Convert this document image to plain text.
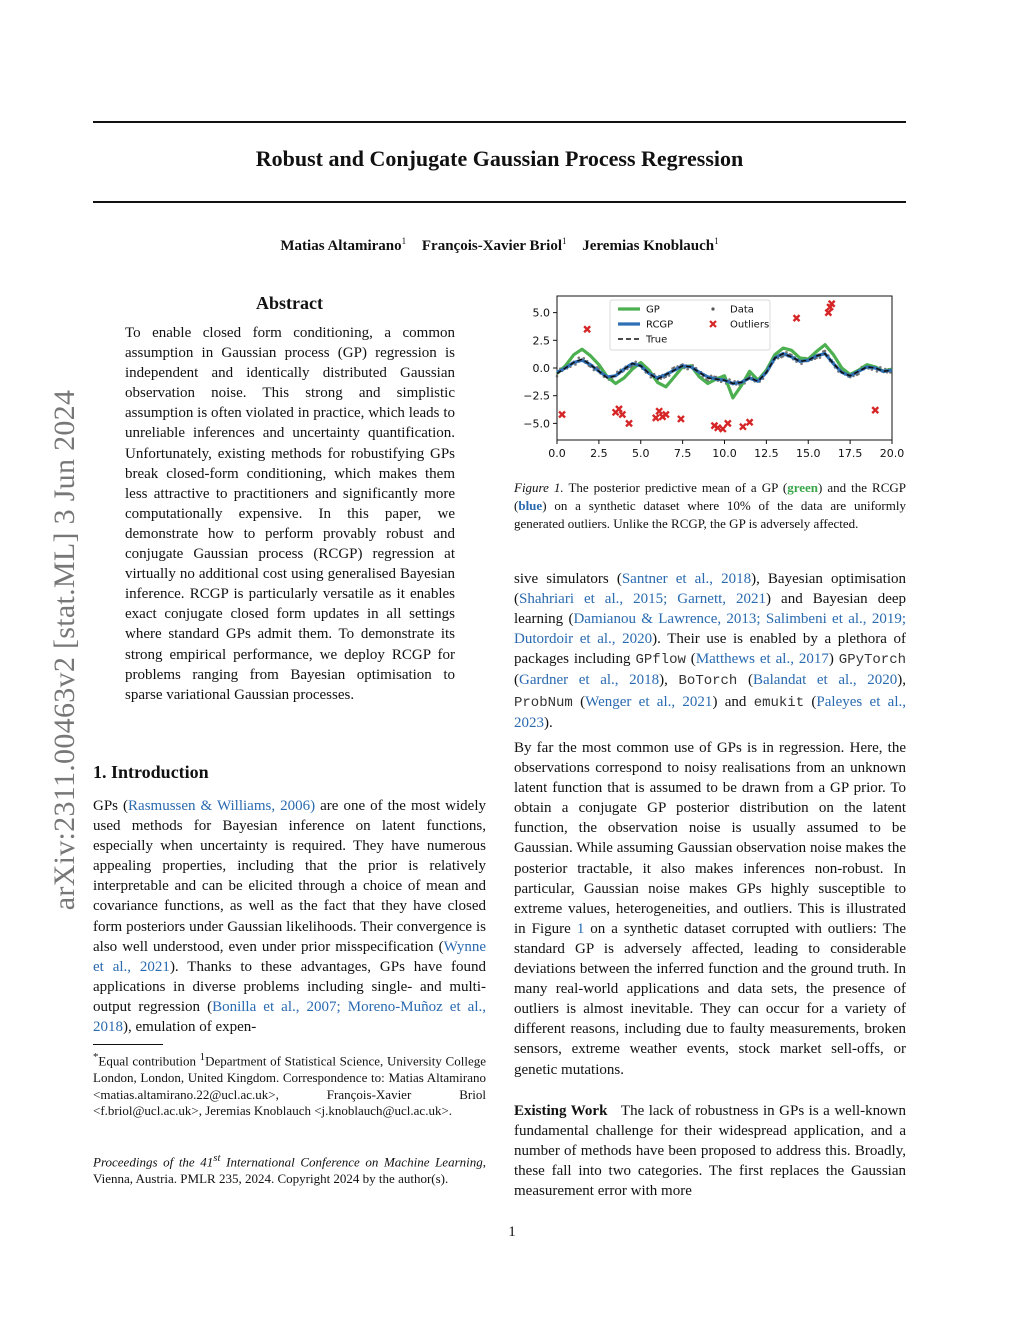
Robust and Conjugate Gaussian Process Regression
Matias Altamirano$^1$ François-Xavier Briol$^1$ Jeremias Knoblauch$^1$
arXiv:2311.00463v2 [stat.ML] 3 Jun 2024
Abstract
To enable closed form conditioning, a common assumption in Gaussian process (GP) regression is independent and identically distributed Gaussian observation noise. This strong and simplistic assumption is often violated in practice, which leads to unreliable inferences and uncertainty quantification. Unfortunately, existing methods for robustifying GPs break closed-form conditioning, which makes them less attractive to practitioners and significantly more computationally expensive. In this paper, we demonstrate how to perform provably robust and conjugate Gaussian process (RCGP) regression at virtually no additional cost using generalised Bayesian inference. RCGP is particularly versatile as it enables exact conjugate closed form updates in all settings where standard GPs admit them. To demonstrate its strong empirical performance, we deploy RCGP for problems ranging from Bayesian optimisation to sparse variational Gaussian processes.
1. Introduction
GPs (Rasmussen & Williams, 2006) are one of the most widely used methods for Bayesian inference on latent functions, especially when uncertainty is required. They have numerous appealing properties, including that the prior is relatively interpretable and can be elicited through a choice of mean and covariance functions, as well as the fact that they have closed form posteriors under Gaussian likelihoods. Their convergence is also well understood, even under prior misspecification (Wynne et al., 2021). Thanks to these advantages, GPs have found applications in diverse problems including single- and multi-output regression (Bonilla et al., 2007; Moreno-Muñoz et al., 2018), emulation of expen-
*Equal contribution $^1$Department of Statistical Science, University College London, London, United Kingdom. Correspondence to: Matias Altamirano <matias.altamirano.22@ucl.ac.uk>, François-Xavier Briol <f.briol@ucl.ac.uk>, Jeremias Knoblauch <j.knoblauch@ucl.ac.uk>.
Proceedings of the 41st International Conference on Machine Learning, Vienna, Austria. PMLR 235, 2024. Copyright 2024 by the author(s).
0.0 2.5 5.0 7.5 10.0 12.5 15.0 17.5 20.0
5.0
2.5
0.0
−2.5
−5.0
GP
RCGP
True
Data
Outliers
Figure 1. The posterior predictive mean of a GP (green) and the RCGP (blue) on a synthetic dataset where 10% of the data are uniformly generated outliers. Unlike the RCGP, the GP is adversely affected.
sive simulators (Santner et al., 2018), Bayesian optimisation (Shahriari et al., 2015; Garnett, 2021) and Bayesian deep learning (Damianou & Lawrence, 2013; Salimbeni et al., 2019; Dutordoir et al., 2020). Their use is enabled by a plethora of packages including GPflow (Matthews et al., 2017) GPyTorch (Gardner et al., 2018), BoTorch (Balandat et al., 2020), ProbNum (Wenger et al., 2021) and emukit (Paleyes et al., 2023).
By far the most common use of GPs is in regression. Here, the observations correspond to noisy realisations from an unknown latent function that is assumed to be drawn from a GP prior. To obtain a conjugate GP posterior distribution on the latent function, the observation noise is usually assumed to be Gaussian. While assuming Gaussian observation noise makes the posterior tractable, it also makes inferences non-robust. In particular, Gaussian noise makes GPs highly susceptible to extreme values, heterogeneities, and outliers. This is illustrated in Figure 1 on a synthetic dataset corrupted with outliers: The standard GP is adversely affected, leading to considerable deviations between the inferred function and the ground truth. In many real-world applications and data sets, the presence of outliers is almost inevitable. They can occur for a variety of different reasons, including due to faulty measurements, broken sensors, extreme weather events, stock market sell-offs, or genetic mutations.
Existing Work The lack of robustness in GPs is a well-known fundamental challenge for their widespread application, and a number of methods have been proposed to address this. Broadly, these fall into two categories. The first replaces the Gaussian measurement error with more
1
